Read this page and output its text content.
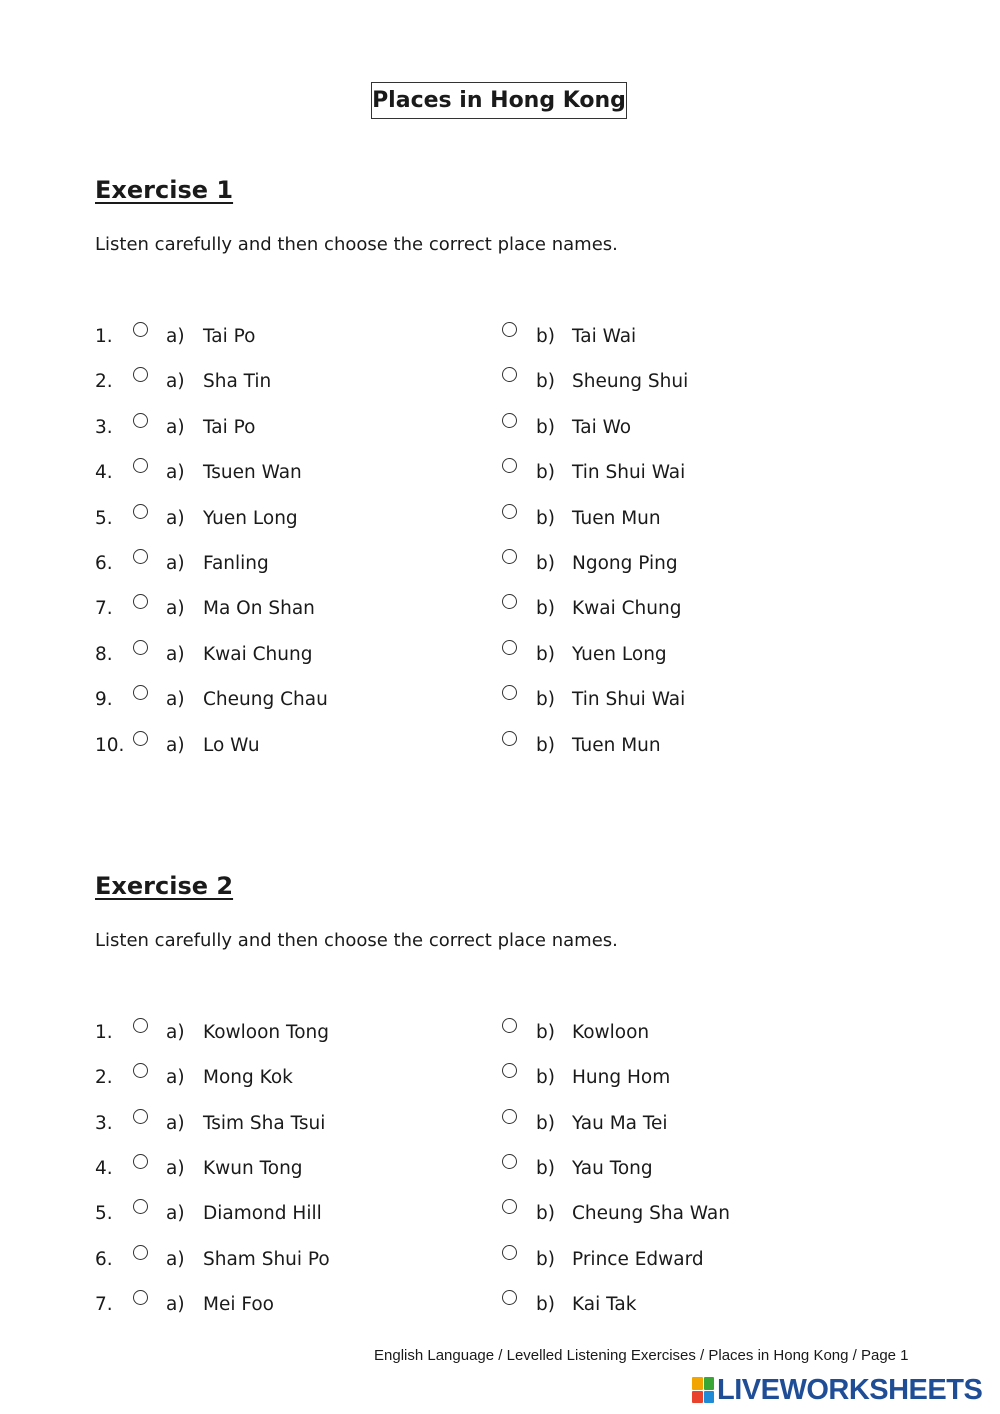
Places in Hong Kong
Exercise 1
Listen carefully and then choose the correct place names.
1.	a) Tai Po	b) Tai Wai
2.	a) Sha Tin	b) Sheung Shui
3.	a) Tai Po	b) Tai Wo
4.	a) Tsuen Wan	b) Tin Shui Wai
5.	a) Yuen Long	b) Tuen Mun
6.	a) Fanling	b) Ngong Ping
7.	a) Ma On Shan	b) Kwai Chung
8.	a) Kwai Chung	b) Yuen Long
9.	a) Cheung Chau	b) Tin Shui Wai
10. a) Lo Wu	b) Tuen Mun
Exercise 2
Listen carefully and then choose the correct place names.
1.	a) Kowloon Tong	b) Kowloon
2.	a) Mong Kok	b) Hung Hom
3.	a) Tsim Sha Tsui	b) Yau Ma Tei
4.	a) Kwun Tong	b) Yau Tong
5.	a) Diamond Hill	b) Cheung Sha Wan
6.	a) Sham Shui Po	b) Prince Edward
7.	a) Mei Foo	b) Kai Tak
English Language / Levelled Listening Exercises / Places in Hong Kong / Page 1
LIVEWORKSHEETS
